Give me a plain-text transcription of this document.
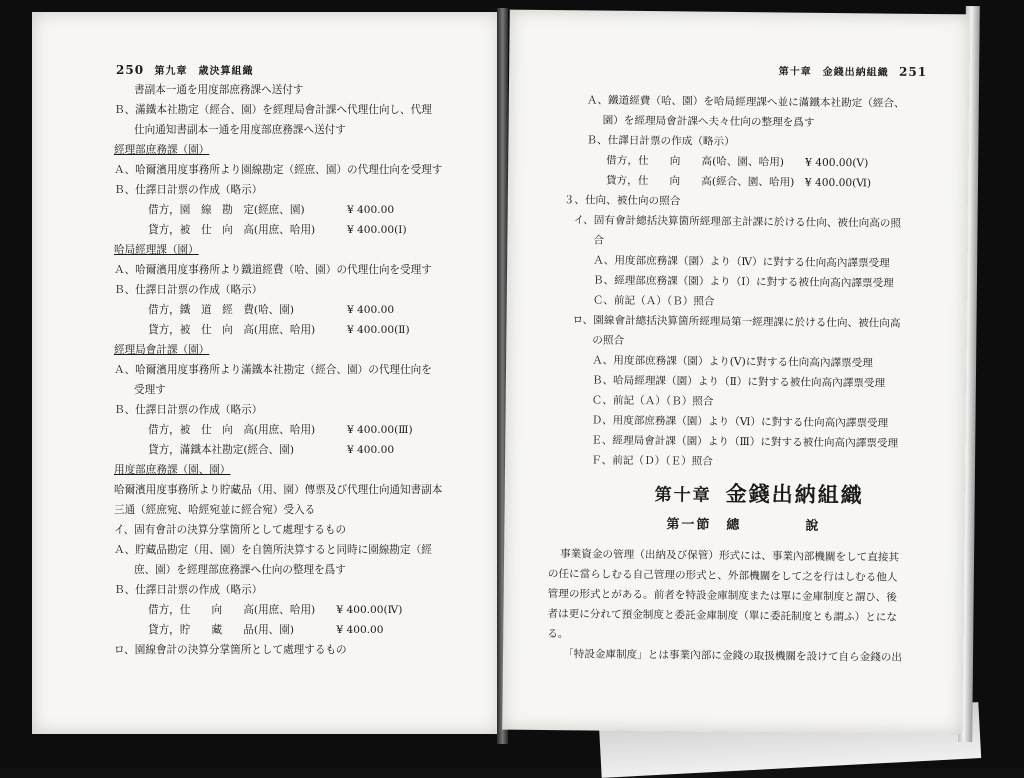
250 第九章　歳決算組織
書副本一通を用度部庶務課へ送付す
Ｂ、滿鐵本社勘定（經合、園）を經理局會計課へ代理仕向し、代理
仕向通知書副本一通を用度部庶務課へ送付す
經理部庶務課（園）
Ａ、哈爾濱用度事務所より園線勘定（經庶、園）の代理仕向を受理す
Ｂ、仕譯日計票の作成（略示）
借方，園　線　勘　定(經庶、園)　　　　¥ 400.00
貸方，被　仕　向　高(用庶、哈用)　　　¥ 400.00(Ⅰ)
哈局經理課（園）
Ａ、哈爾濱用度事務所より鐵道經費（哈、園）の代理仕向を受理す
Ｂ、仕譯日計票の作成（略示）
借方，鐵　道　經　費(哈、園)　　　　　¥ 400.00
貸方，被　仕　向　高(用庶、哈用)　　　¥ 400.00(Ⅱ)
經理局會計課（園）
Ａ、哈爾濱用度事務所より滿鐵本社勘定（經合、園）の代理仕向を
受理す
Ｂ、仕譯日計票の作成（略示）
借方，被　仕　向　高(用庶、哈用)　　　¥ 400.00(Ⅲ)
貸方，滿鐵本社勘定(經合、園)　　　　　¥ 400.00
用度部庶務課（園、園）
哈爾濱用度事務所より貯藏品（用、園）傳票及び代理仕向通知書副本
三通（經庶宛、哈經宛並に經合宛）受入る
イ、固有會計の決算分掌箇所として處理するもの
Ａ、貯藏品勘定（用、園）を自箇所決算すると同時に園線勘定（經
庶、園）を經理部庶務課へ仕向の整理を爲す
Ｂ、仕譯日計票の作成（略示）
借方，仕　　向　　高(用庶、哈用)　　¥ 400.00(Ⅳ)
貸方，貯　　藏　　品(用、園)　　　　¥ 400.00
ロ、園線會計の決算分掌箇所として處理するもの
第十章　金錢出納組織 251
Ａ、鐵道經費（哈、園）を哈局經理課へ並に滿鐵本社勘定（經合、
園）を經理局會計課へ夫々仕向の整理を爲す
Ｂ、仕譯日計票の作成（略示）
借方，仕　　向　　高(哈、園、哈用)　　¥ 400.00(Ⅴ)
貸方，仕　　向　　高(經合、園、哈用)　¥ 400.00(Ⅵ)
３、仕向、被仕向の照合
イ、固有會計總括決算箇所經理部主計課に於ける仕向、被仕向高の照
合
Ａ、用度部庶務課（園）より（Ⅳ）に對する仕向高內譯票受理
Ｂ、經理部庶務課（園）より（Ⅰ）に對する被仕向高內譯票受理
Ｃ、前記（Ａ）（Ｂ）照合
ロ、園線會計總括決算箇所經理局第一經理課に於ける仕向、被仕向高
の照合
Ａ、用度部庶務課（園）より(Ⅴ)に對する仕向高內譯票受理
Ｂ、哈局經理課（園）より（Ⅱ）に對する被仕向高內譯票受理
Ｃ、前記（Ａ）（Ｂ）照合
Ｄ、用度部庶務課（園）より（Ⅵ）に對する仕向高內譯票受理
Ｅ、經理局會計課（園）より（Ⅲ）に對する被仕向高內譯票受理
Ｆ、前記（Ｄ）（Ｅ）照合
第十章 金錢出納組織
第一節　總	說
事業資金の管理（出納及び保管）形式には、事業內部機關をして直接其
の任に當らしむる自己管理の形式と、外部機關をして之を行はしむる他人
管理の形式とがある。前者を特設金庫制度または單に金庫制度と謂ひ、後
者は更に分れて預金制度と委託金庫制度（單に委託制度とも謂ふ）とにな
る。
「特設金庫制度」とは事業內部に金錢の取扱機關を設けて自ら金錢の出
